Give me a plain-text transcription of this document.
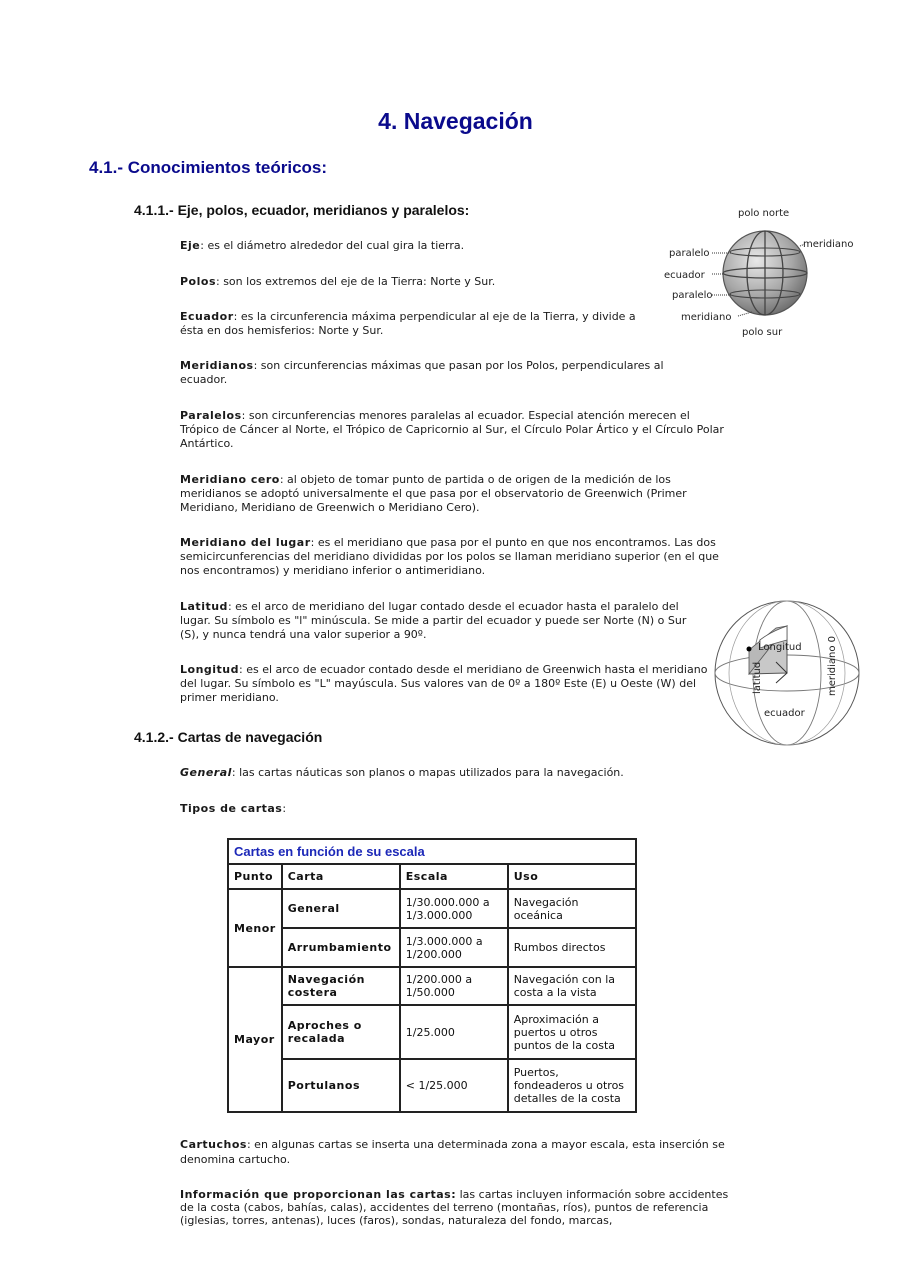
4. Navegación
4.1.- Conocimientos teóricos:
4.1.1.- Eje, polos, ecuador, meridianos y paralelos:
Eje: es el diámetro alrededor del cual gira la tierra.
Polos: son los extremos del eje de la Tierra: Norte y Sur.
Ecuador: es la circunferencia máxima perpendicular al eje de la Tierra, y divide a ésta en dos hemisferios: Norte y Sur.
Meridianos: son circunferencias máximas que pasan por los Polos, perpendiculares al ecuador.
Paralelos: son circunferencias menores paralelas al ecuador. Especial atención merecen el Trópico de Cáncer al Norte, el Trópico de Capricornio al Sur, el Círculo Polar Ártico y el Círculo Polar Antártico.
Meridiano cero: al objeto de tomar punto de partida o de origen de la medición de los meridianos se adoptó universalmente el que pasa por el observatorio de Greenwich (Primer Meridiano, Meridiano de Greenwich o Meridiano Cero).
Meridiano del lugar: es el meridiano que pasa por el punto en que nos encontramos. Las dos semicircunferencias del meridiano divididas por los polos se llaman meridiano superior (en el que nos encontramos) y meridiano inferior o antimeridiano.
Latitud: es el arco de meridiano del lugar contado desde el ecuador hasta el paralelo del lugar. Su símbolo es "l" minúscula. Se mide a partir del ecuador y puede ser Norte (N) o Sur (S), y nunca tendrá una valor superior a 90º.
Longitud: es el arco de ecuador contado desde el meridiano de Greenwich hasta el meridiano del lugar. Su símbolo es "L" mayúscula. Sus valores van de 0º a 180º Este (E) u Oeste (W) del primer meridiano.
polo norte
meridiano
paralelo
ecuador
paralelo
meridiano
polo sur
Longitud
latitud	meridiano 0
ecuador
4.1.2.- Cartas de navegación
General: las cartas náuticas son planos o mapas utilizados para la navegación.
Tipos de cartas:
Cartas en función de su escala			
Punto	Carta	Escala	Uso
Menor	General	1/30.000.000 a 1/3.000.000	Navegación oceánica
	Arrumbamiento	1/3.000.000 a 1/200.000	Rumbos directos
Mayor	Navegación costera	1/200.000 a 1/50.000	Navegación con la costa a la vista
	Aproches o recalada	1/25.000	Aproximación a puertos u otros puntos de la costa
	Portulanos	< 1/25.000	Puertos, fondeaderos u otros detalles de la costa
Cartuchos: en algunas cartas se inserta una determinada zona a mayor escala, esta inserción se denomina cartucho.
Información que proporcionan las cartas: las cartas incluyen información sobre accidentes de la costa (cabos, bahías, calas), accidentes del terreno (montañas, ríos), puntos de referencia (iglesias, torres, antenas), luces (faros), sondas, naturaleza del fondo, marcas,
